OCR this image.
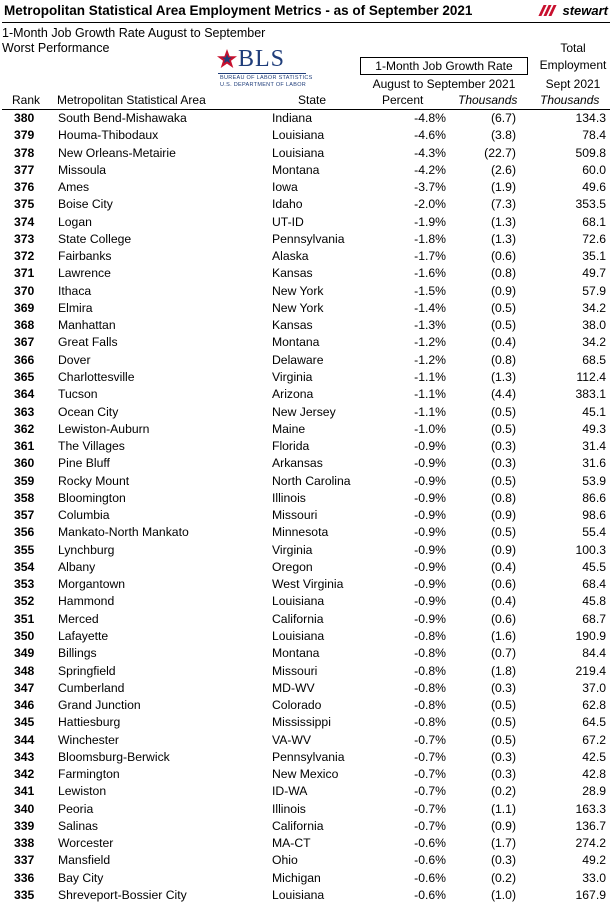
Metropolitan Statistical Area Employment Metrics - as of September 2021	stewart
1-Month Job Growth Rate August to September
Worst Performance	BLS
BUREAU OF LABOR STATISTICS
U.S. DEPARTMENT OF LABOR
1-Month Job Growth Rate
August to September 2021
Total
Employment
Sept 2021
Rank Metropolitan Statistical Area	State	Percent	Thousands Thousands
380 South Bend-Mishawaka	Indiana	-4.8%	(6.7)	134.3
379 Houma-Thibodaux	Louisiana	-4.6%	(3.8)	78.4
378 New Orleans-Metairie	Louisiana	-4.3%	(22.7)	509.8
377 Missoula	Montana	-4.2%	(2.6)	60.0
376 Ames	Iowa	-3.7%	(1.9)	49.6
375 Boise City	Idaho	-2.0%	(7.3)	353.5
374 Logan	UT-ID	-1.9%	(1.3)	68.1
373 State College	Pennsylvania	-1.8%	(1.3)	72.6
372 Fairbanks	Alaska	-1.7%	(0.6)	35.1
371 Lawrence	Kansas	-1.6%	(0.8)	49.7
370 Ithaca	New York	-1.5%	(0.9)	57.9
369 Elmira	New York	-1.4%	(0.5)	34.2
368 Manhattan	Kansas	-1.3%	(0.5)	38.0
367 Great Falls	Montana	-1.2%	(0.4)	34.2
366 Dover	Delaware	-1.2%	(0.8)	68.5
365 Charlottesville	Virginia	-1.1%	(1.3)	112.4
364 Tucson	Arizona	-1.1%	(4.4)	383.1
363 Ocean City	New Jersey	-1.1%	(0.5)	45.1
362 Lewiston-Auburn	Maine	-1.0%	(0.5)	49.3
361 The Villages	Florida	-0.9%	(0.3)	31.4
360 Pine Bluff	Arkansas	-0.9%	(0.3)	31.6
359 Rocky Mount	North Carolina	-0.9%	(0.5)	53.9
358 Bloomington	Illinois	-0.9%	(0.8)	86.6
357 Columbia	Missouri	-0.9%	(0.9)	98.6
356 Mankato-North Mankato	Minnesota	-0.9%	(0.5)	55.4
355 Lynchburg	Virginia	-0.9%	(0.9)	100.3
354 Albany	Oregon	-0.9%	(0.4)	45.5
353 Morgantown	West Virginia	-0.9%	(0.6)	68.4
352 Hammond	Louisiana	-0.9%	(0.4)	45.8
351 Merced	California	-0.9%	(0.6)	68.7
350 Lafayette	Louisiana	-0.8%	(1.6)	190.9
349 Billings	Montana	-0.8%	(0.7)	84.4
348 Springfield	Missouri	-0.8%	(1.8)	219.4
347 Cumberland	MD-WV	-0.8%	(0.3)	37.0
346 Grand Junction	Colorado	-0.8%	(0.5)	62.8
345 Hattiesburg	Mississippi	-0.8%	(0.5)	64.5
344 Winchester	VA-WV	-0.7%	(0.5)	67.2
343 Bloomsburg-Berwick	Pennsylvania	-0.7%	(0.3)	42.5
342 Farmington	New Mexico	-0.7%	(0.3)	42.8
341 Lewiston	ID-WA	-0.7%	(0.2)	28.9
340 Peoria	Illinois	-0.7%	(1.1)	163.3
339 Salinas	California	-0.7%	(0.9)	136.7
338 Worcester	MA-CT	-0.6%	(1.7)	274.2
337 Mansfield	Ohio	-0.6%	(0.3)	49.2
336 Bay City	Michigan	-0.6%	(0.2)	33.0
335 Shreveport-Bossier City	Louisiana	-0.6%	(1.0)	167.9
